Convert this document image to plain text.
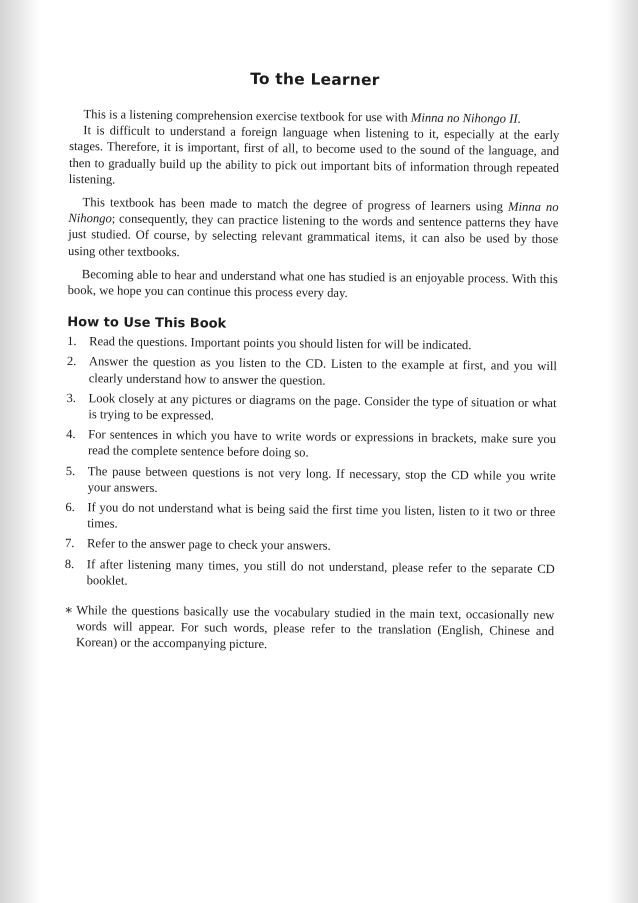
To the Learner

This is a listening comprehension exercise textbook for use with Minna no Nihongo II.

It is difficult to understand a foreign language when listening to it, especially at the early stages. Therefore, it is important, first of all, to become used to the sound of the language, and then to gradually build up the ability to pick out important bits of information through repeated listening.

This textbook has been made to match the degree of progress of learners using Minna no Nihongo; consequently, they can practice listening to the words and sentence patterns they have just studied. Of course, by selecting relevant grammatical items, it can also be used by those using other textbooks.

Becoming able to hear and understand what one has studied is an enjoyable process. With this book, we hope you can continue this process every day.

How to Use This Book
1. Read the questions. Important points you should listen for will be indicated.
2. Answer the question as you listen to the CD. Listen to the example at first, and you will clearly understand how to answer the question.
3. Look closely at any pictures or diagrams on the page. Consider the type of situation or what is trying to be expressed.
4. For sentences in which you have to write words or expressions in brackets, make sure you read the complete sentence before doing so.
5. The pause between questions is not very long. If necessary, stop the CD while you write your answers.
6. If you do not understand what is being said the first time you listen, listen to it two or three times.
7. Refer to the answer page to check your answers.
8. If after listening many times, you still do not understand, please refer to the separate CD booklet.
∗ While the questions basically use the vocabulary studied in the main text, occasionally new words will appear. For such words, please refer to the translation (English, Chinese and Korean) or the accompanying picture.
